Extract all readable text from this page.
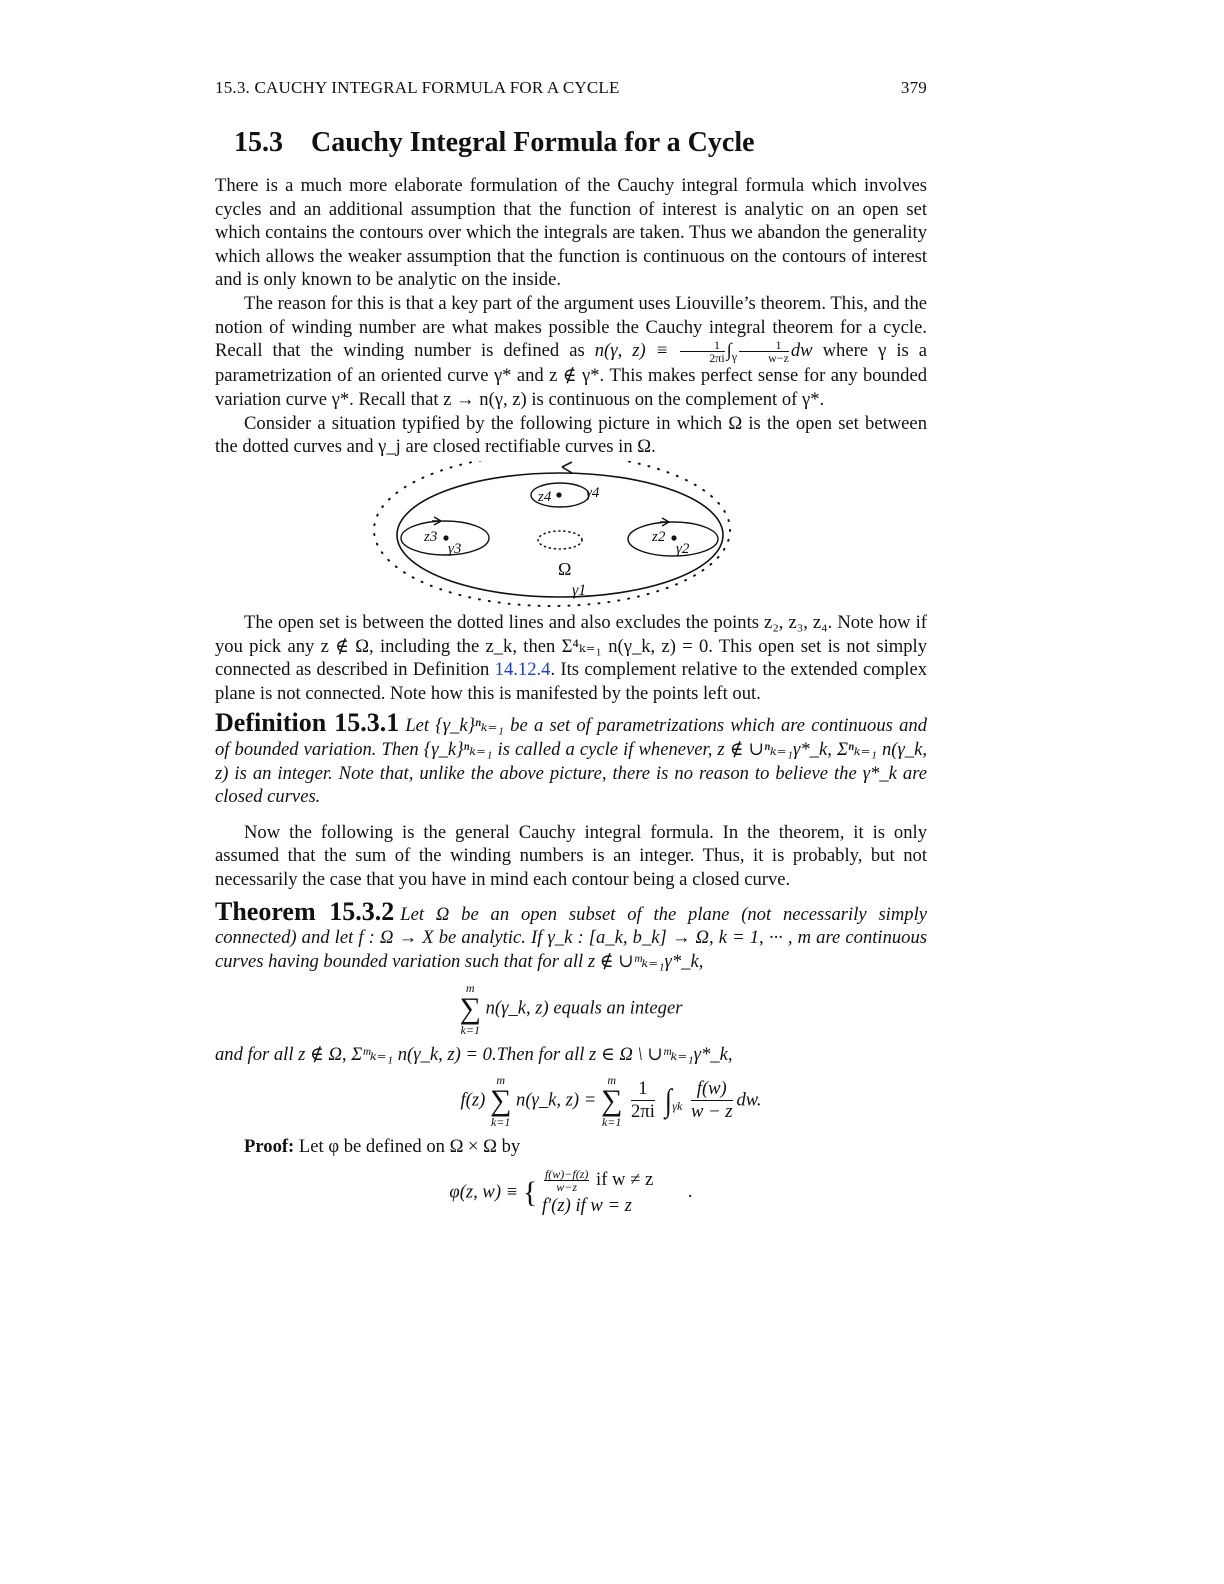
15.3. CAUCHY INTEGRAL FORMULA FOR A CYCLE	379
15.3 Cauchy Integral Formula for a Cycle

There is a much more elaborate formulation of the Cauchy integral formula which involves cycles and an additional assumption that the function of interest is analytic on an open set which contains the contours over which the integrals are taken. Thus we abandon the generality which allows the weaker assumption that the function is continuous on the contours of interest and is only known to be analytic on the inside.

The reason for this is that a key part of the argument uses Liouville’s theorem. This, and the notion of winding number are what makes possible the Cauchy integral theorem for a cycle. Recall that the winding number is defined as n(γ, $z) \equiv \frac{1}{2\pi i} \int_\gamma \frac{1}{w-z}$ dw where γ is a parametrization of an oriented curve γ* and z ∉ γ*. This makes perfect sense for any bounded variation curve γ*. Recall that z → n(γ, z) is continuous on the complement of γ*.

Consider a situation typified by the following picture in which Ω is the open set between the dotted curves and γ_j are closed rectifiable curves in Ω.

z4 γ4
z3
γ3
z2
γ2
Ω
γ1

The open set is between the dotted lines and also excludes the points z₂, z₃, z₄. Note how if you pick any z ∉ Ω, including the z_k, then Σ⁴ₖ₌₁ n(γ_k, z) = 0. This open set is not simply connected as described in Definition 14.12.4. Its complement relative to the extended complex plane is not connected. Note how this is manifested by the points left out.

Definition 15.3.1 Let {γ_k}ⁿₖ₌₁ be a set of parametrizations which are continuous and of bounded variation. Then {γ_k}ⁿₖ₌₁ is called a cycle if whenever, z ∉ ∪ⁿₖ₌₁γ*_k, Σⁿₖ₌₁ n(γ_k, z) is an integer. Note that, unlike the above picture, there is no reason to believe the γ*_k are closed curves.

Now the following is the general Cauchy integral formula. In the theorem, it is only assumed that the sum of the winding numbers is an integer. Thus, it is probably, but not necessarily the case that you have in mind each contour being a closed curve.

Theorem 15.3.2 Let Ω be an open subset of the plane (not necessarily simply connected) and let f : Ω → X be analytic. If γ_k : [a_k, b_k] → Ω, k = 1, ··· , m are continuous curves having bounded variation such that for all z ∉ ∪ᵐₖ₌₁γ*_k,

m
∑
k=1
n(γ_k, z) equals an integer

and for all z ∉ Ω, Σᵐₖ₌₁ n(γ_k, z) = 0.Then for all z ∈ Ω \ ∪ᵐₖ₌₁γ*_k,

f(z)
m
∑
k=1
n(γ_k, z) =
m
∑
k=1
$\frac{1}{2\pi i} \int_{\gamma k} \frac{f(w)}{w - z}$ dw.

Proof: Let φ be defined on Ω × Ω by

φ(z, w) ≡ { $\frac{f(w)-f(z)}{w-z}$ if w ≠ z
f′(z) if w = z
.
